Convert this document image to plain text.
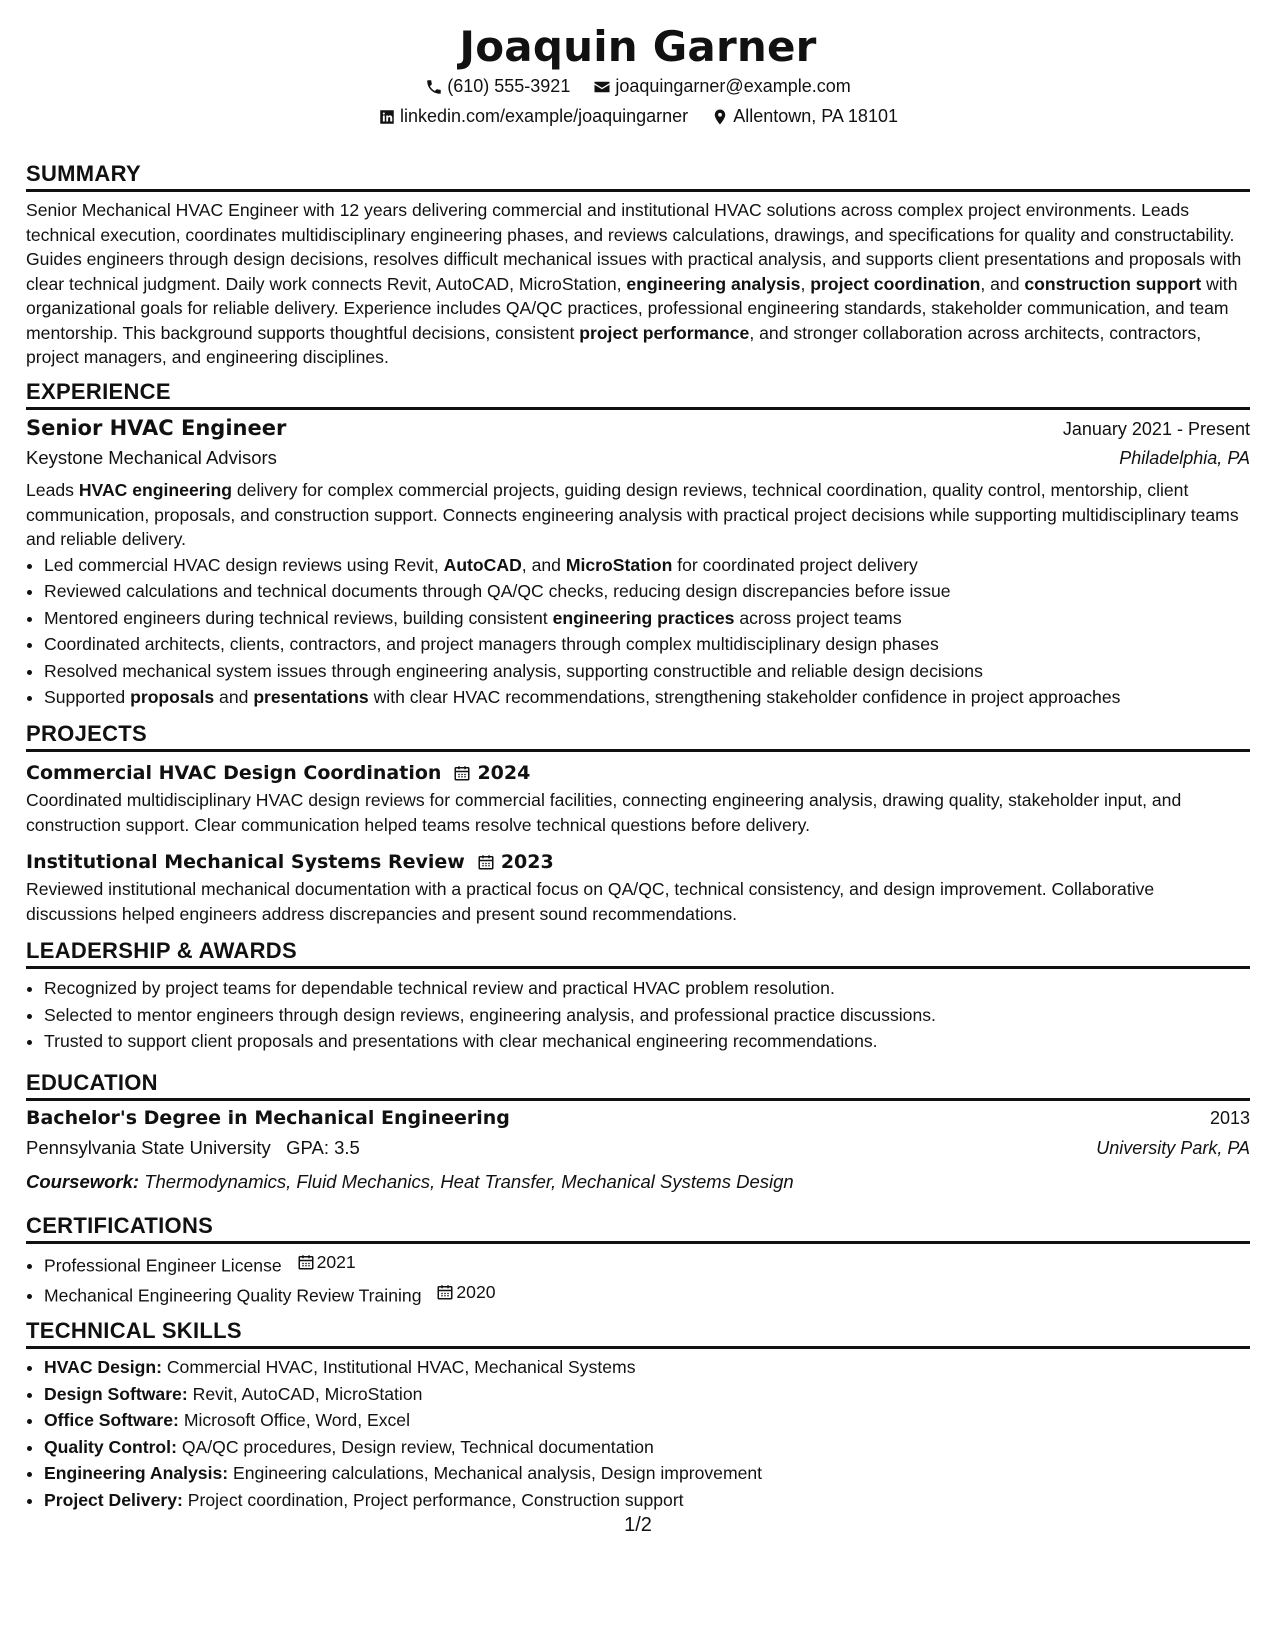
Joaquin Garner
(610) 555-3921
	joaquingarner@example.com
linkedin.com/example/joaquingarner
	Allentown, PA 18101
SUMMARY

Senior Mechanical HVAC Engineer with 12 years delivering commercial and institutional HVAC solutions across complex project environments. Leads technical execution, coordinates multidisciplinary engineering phases, and reviews calculations, drawings, and specifications for quality and constructability. Guides engineers through design decisions, resolves difficult mechanical issues with practical analysis, and supports client presentations and proposals with clear technical judgment. Daily work connects Revit, AutoCAD, MicroStation, engineering analysis, project coordination, and construction support with organizational goals for reliable delivery. Experience includes QA/QC practices, professional engineering standards, stakeholder communication, and team mentorship. This background supports thoughtful decisions, consistent project performance, and stronger collaboration across architects, contractors, project managers, and engineering disciplines.

EXPERIENCE
Senior HVAC Engineer	January 2021 - Present
Keystone Mechanical Advisors	Philadelphia, PA

Leads HVAC engineering delivery for complex commercial projects, guiding design reviews, technical coordination, quality control, mentorship, client communication, proposals, and construction support. Connects engineering analysis with practical project decisions while supporting multidisciplinary teams and reliable delivery.

• Led commercial HVAC design reviews using Revit, AutoCAD, and MicroStation for coordinated project delivery
• Reviewed calculations and technical documents through QA/QC checks, reducing design discrepancies before issue
• Mentored engineers during technical reviews, building consistent engineering practices across project teams
• Coordinated architects, clients, contractors, and project managers through complex multidisciplinary design phases
• Resolved mechanical system issues through engineering analysis, supporting constructible and reliable design decisions
• Supported proposals and presentations with clear HVAC recommendations, strengthening stakeholder confidence in project approaches
PROJECTS
Commercial HVAC Design Coordination 2024

Coordinated multidisciplinary HVAC design reviews for commercial facilities, connecting engineering analysis, drawing quality, stakeholder input, and construction support. Clear communication helped teams resolve technical questions before delivery.

Institutional Mechanical Systems Review 2023

Reviewed institutional mechanical documentation with a practical focus on QA/QC, technical consistency, and design improvement. Collaborative discussions helped engineers address discrepancies and present sound recommendations.

LEADERSHIP & AWARDS
• Recognized by project teams for dependable technical review and practical HVAC problem resolution.
• Selected to mentor engineers through design reviews, engineering analysis, and professional practice discussions.
• Trusted to support client proposals and presentations with clear mechanical engineering recommendations.
EDUCATION
Bachelor's Degree in Mechanical Engineering	2013
Pennsylvania State University GPA: 3.5	University Park, PA
Coursework: Thermodynamics, Fluid Mechanics, Heat Transfer, Mechanical Systems Design
CERTIFICATIONS
• Professional Engineer License 2021
• Mechanical Engineering Quality Review Training 2020
TECHNICAL SKILLS
• HVAC Design: Commercial HVAC, Institutional HVAC, Mechanical Systems
• Design Software: Revit, AutoCAD, MicroStation
• Office Software: Microsoft Office, Word, Excel
• Quality Control: QA/QC procedures, Design review, Technical documentation
• Engineering Analysis: Engineering calculations, Mechanical analysis, Design improvement
• Project Delivery: Project coordination, Project performance, Construction support
1/2
